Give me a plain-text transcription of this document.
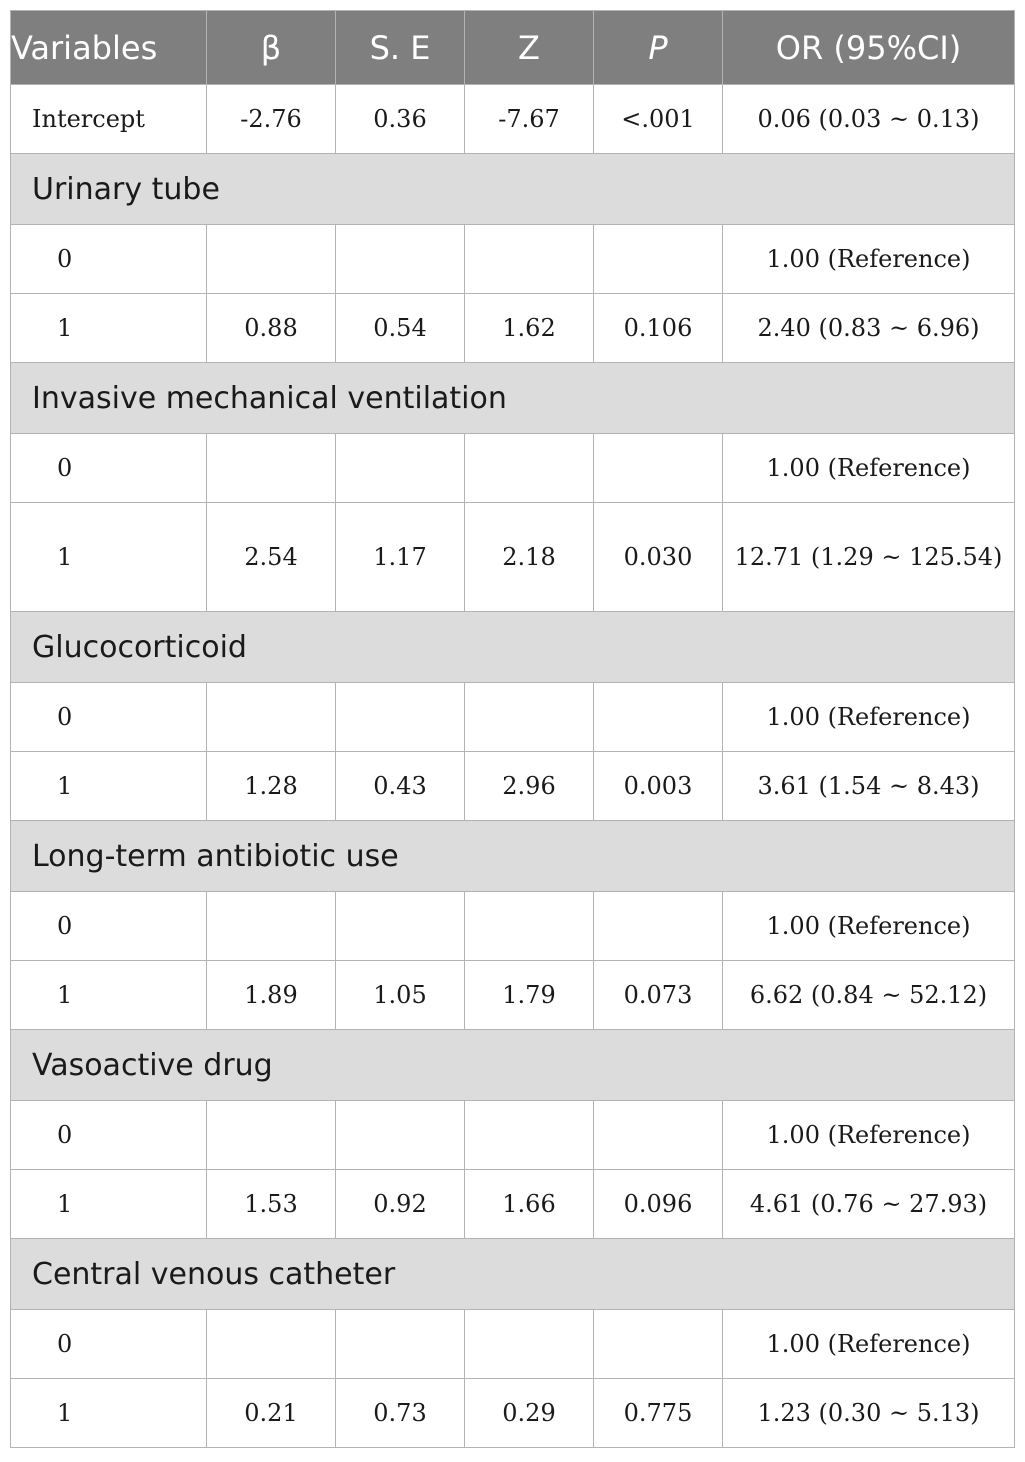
Variables	β	S. E	Z	P	OR (95%CI)
Intercept	-2.76	0.36	-7.67	<.001	0.06 (0.03 ~ 0.13)
Urinary tube					
0					1.00 (Reference)
1	0.88	0.54	1.62	0.106	2.40 (0.83 ~ 6.96)
Invasive mechanical ventilation					
0					1.00 (Reference)
1	2.54	1.17	2.18	0.030	12.71 (1.29 ~ 125.54)
Glucocorticoid					
0					1.00 (Reference)
1	1.28	0.43	2.96	0.003	3.61 (1.54 ~ 8.43)
Long-term antibiotic use					
0					1.00 (Reference)
1	1.89	1.05	1.79	0.073	6.62 (0.84 ~ 52.12)
Vasoactive drug					
0					1.00 (Reference)
1	1.53	0.92	1.66	0.096	4.61 (0.76 ~ 27.93)
Central venous catheter					
0					1.00 (Reference)
1	0.21	0.73	0.29	0.775	1.23 (0.30 ~ 5.13)
